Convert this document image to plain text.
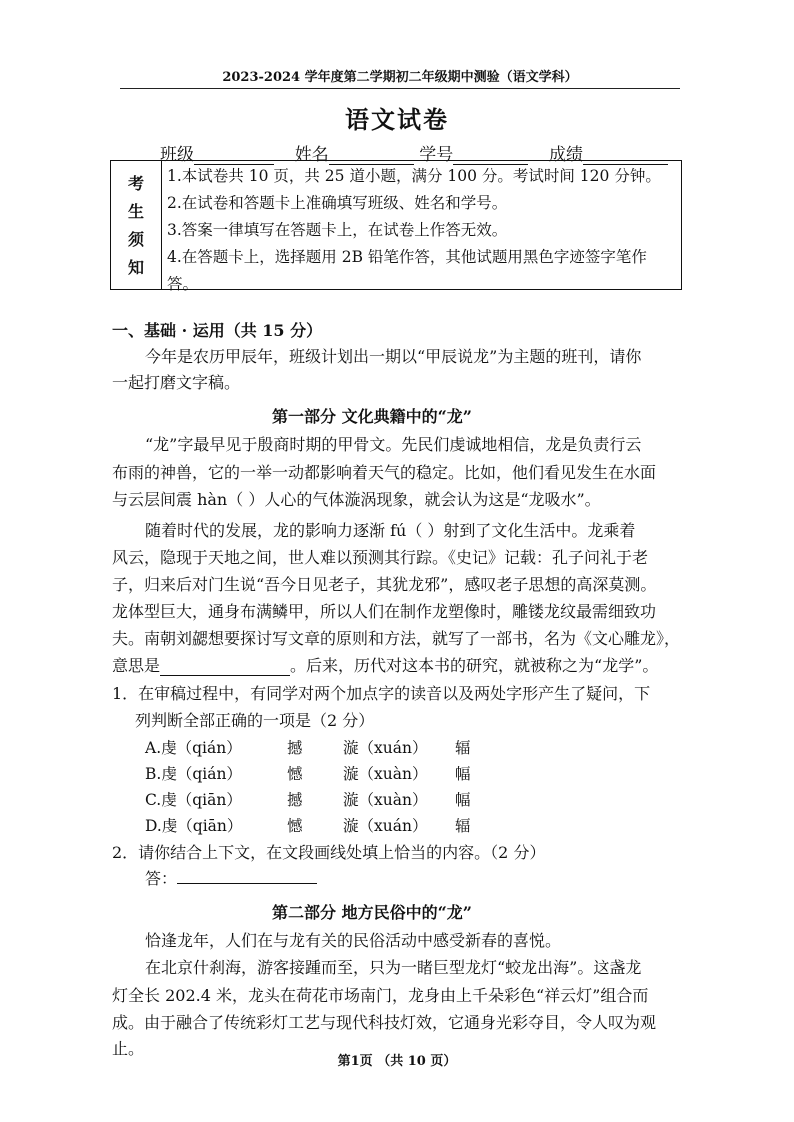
2023-2024 学年度第二学期初二年级期中测验（语文学科）
语文试卷
班级	姓名	学号	成绩
考
生
须
知

1.本试卷共 10 页，共 25 道小题，满分 100 分。考试时间 120 分钟。

2.在试卷和答题卡上准确填写班级、姓名和学号。

3.答案一律填写在答题卡上，在试卷上作答无效。

4.在答题卡上，选择题用 2B 铅笔作答，其他试题用黑色字迹签字笔作

答。

一、基础 · 运用（共 15 分）
今年是农历甲辰年，班级计划出一期以“甲辰说龙”为主题的班刊，请你
一起打磨文字稿。
第一部分 文化典籍中的“龙”
“龙”字最早见于殷商时期的甲骨文。先民们虔诚地相信，龙是负责行云
布雨的神兽，它的一举一动都影响着天气的稳定。比如，他们看见发生在水面
与云层间震 hàn（ ）人心的气体漩涡现象，就会认为这是“龙吸水”。
随着时代的发展，龙的影响力逐渐 fú（ ）射到了文化生活中。龙乘着
风云，隐现于天地之间，世人难以预测其行踪。《史记》记载：孔子问礼于老
子，归来后对门生说“吾今日见老子，其犹龙邪”，感叹老子思想的高深莫测。
龙体型巨大，通身布满鳞甲，所以人们在制作龙塑像时，雕镂龙纹最需细致功
夫。南朝刘勰想要探讨写文章的原则和方法，就写了一部书，名为《文心雕龙》，
意思是	。后来，历代对这本书的研究，就被称之为“龙学”。
1．在审稿过程中，有同学对两个加点字的读音以及两处字形产生了疑问，下
列判断全部正确的一项是（2 分）
A.虔（qián）	撼	漩（xuán） 辐
B.虔（qián）	憾	漩（xuàn） 幅
C.虔（qiān）	撼	漩（xuàn） 幅
D.虔（qiān）	憾	漩（xuán） 辐
2．请你结合上下文，在文段画线处填上恰当的内容。（2 分）
答：
第二部分 地方民俗中的“龙”
恰逢龙年，人们在与龙有关的民俗活动中感受新春的喜悦。
在北京什刹海，游客接踵而至，只为一睹巨型龙灯“蛟龙出海”。这盏龙
灯全长 202.4 米，龙头在荷花市场南门，龙身由上千朵彩色“祥云灯”组合而
成。由于融合了传统彩灯工艺与现代科技灯效，它通身光彩夺目，令人叹为观
止。
第1页 （共 10 页）
